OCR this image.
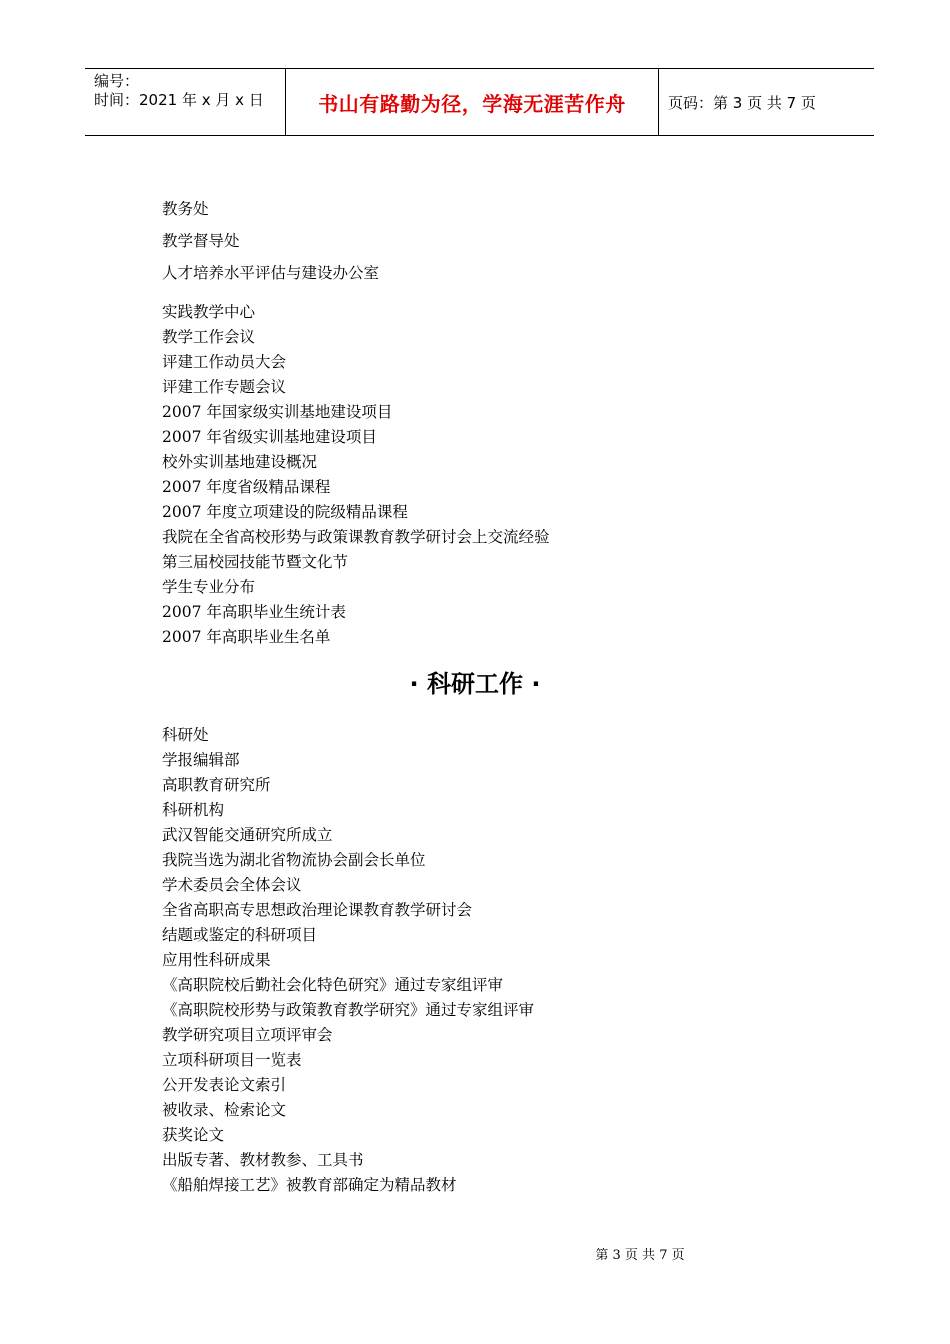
编号：
时间：2021 年 x 月 x 日	书山有路勤为径，学海无涯苦作舟	页码：第 3 页 共 7 页
教务处
教学督导处
人才培养水平评估与建设办公室
实践教学中心
教学工作会议
评建工作动员大会
评建工作专题会议
2007 年国家级实训基地建设项目
2007 年省级实训基地建设项目
校外实训基地建设概况
2007 年度省级精品课程
2007 年度立项建设的院级精品课程
我院在全省高校形势与政策课教育教学研讨会上交流经验
第三届校园技能节暨文化节
学生专业分布
2007 年高职毕业生统计表
2007 年高职毕业生名单
· 科研工作 ·
科研处
学报编辑部
高职教育研究所
科研机构
武汉智能交通研究所成立
我院当选为湖北省物流协会副会长单位
学术委员会全体会议
全省高职高专思想政治理论课教育教学研讨会
结题或鉴定的科研项目
应用性科研成果
《高职院校后勤社会化特色研究》通过专家组评审
《高职院校形势与政策教育教学研究》通过专家组评审
教学研究项目立项评审会
立项科研项目一览表
公开发表论文索引
被收录、检索论文
获奖论文
出版专著、教材教参、工具书
《船舶焊接工艺》被教育部确定为精品教材
第 3 页 共 7 页
